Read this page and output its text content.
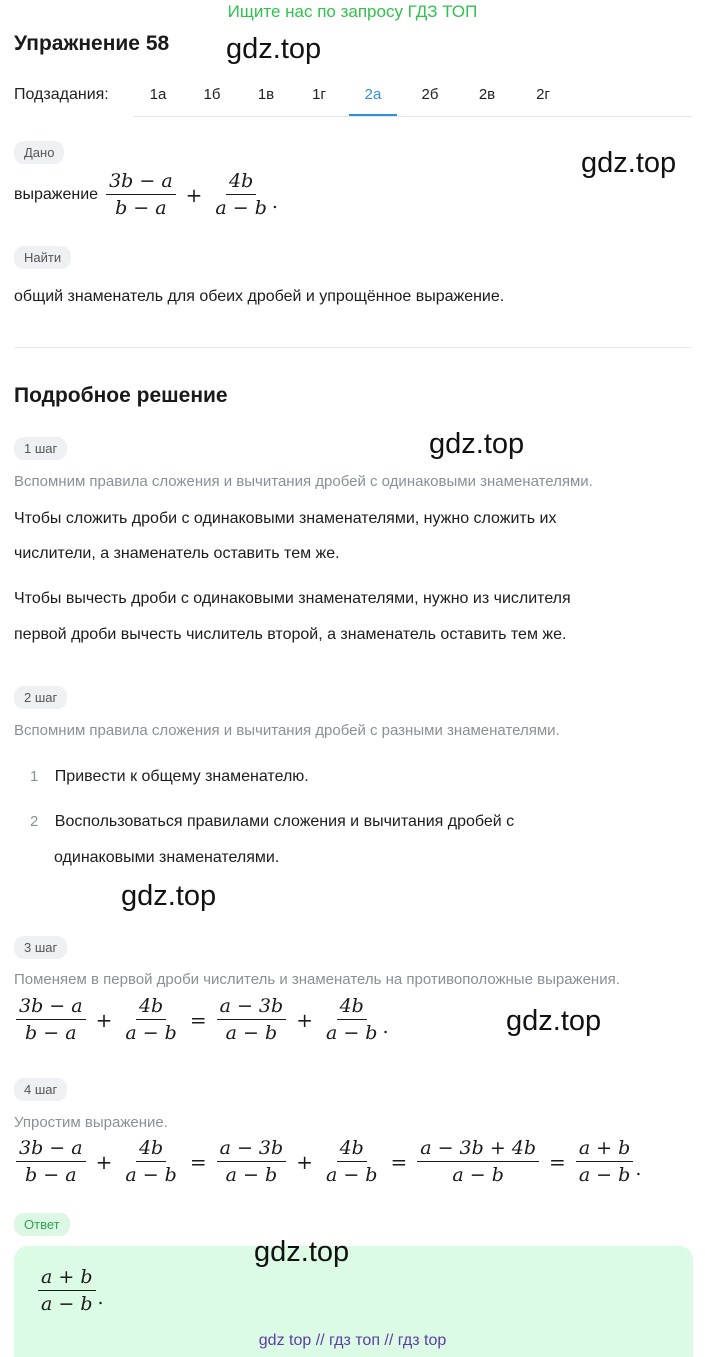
Ищите нас по запросу ГДЗ ТОП
Упражнение 58 gdz.top
Подзадания:	1а	1б	1в	1г	2а	2б	2в	2г
Дано	gdz.top
выражение $\frac{3b - a}{b - a} + \frac{4b}{a - b}$ .
Найти
общий знаменатель для обеих дробей и упрощённое выражение.
Подробное решение
1 шаг	gdz.top
Вспомним правила сложения и вычитания дробей с одинаковыми знаменателями.
Чтобы сложить дроби с одинаковыми знаменателями, нужно сложить их
числители, а знаменатель оставить тем же.
Чтобы вычесть дроби с одинаковыми знаменателями, нужно из числителя
первой дроби вычесть числитель второй, а знаменатель оставить тем же.
2 шаг
Вспомним правила сложения и вычитания дробей с разными знаменателями.
1 Привести к общему знаменателю.
2 Воспользоваться правилами сложения и вычитания дробей с
одинаковыми знаменателями.
gdz.top
3 шаг
Поменяем в первой дроби числитель и знаменатель на противоположные выражения.
$\frac{3b - a}{b - a} + \frac{4b}{a - b} = \frac{a - 3b}{a - b} + \frac{4b}{a - b}$ .	gdz.top
4 шаг
Упростим выражение.
$\frac{3b - a}{b - a} + \frac{4b}{a - b} = \frac{a - 3b}{a - b} + \frac{4b}{a - b} = \frac{a - 3b + 4b}{a - b} = \frac{a + b}{a - b}$ .
Ответ
$\frac{a + b}{a - b}$ .
gdz.top
gdz top // гдз топ // гдз top
